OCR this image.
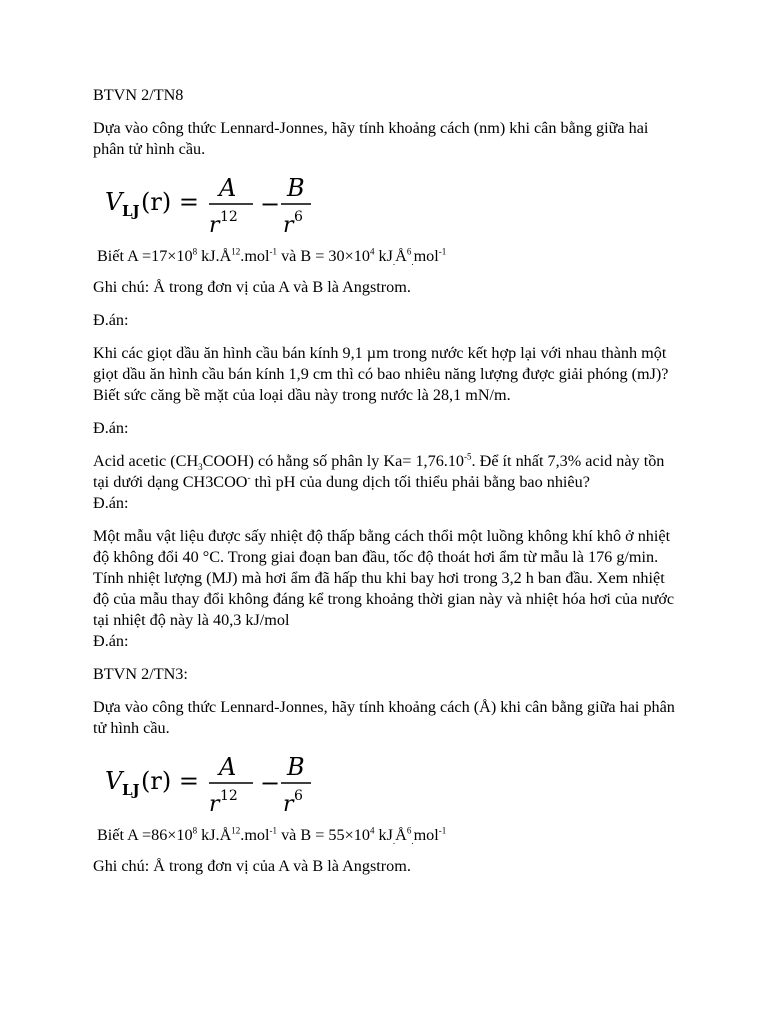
BTVN 2/TN8

Dựa vào công thức Lennard-Jonnes, hãy tính khoảng cách (nm) khi cân bằng giữa hai phân tử hình cầu.

V LJ (r) = A
r 12 −
B
r 6

Biết $A =17\times 10^8$ $kJ.Å^{12}.mol^{-1}$ và $B = 30\times 10^4$ $kJ_.Å^6_.mol^{-1}$

Ghi chú: Å trong đơn vị của A và B là Angstrom.

Đ.án:

Khi các giọt dầu ăn hình cầu bán kính 9,1 µm trong nước kết hợp lại với nhau thành một giọt dầu ăn hình cầu bán kính 1,9 cm thì có bao nhiêu năng lượng được giải phóng (mJ)? Biết sức căng bề mặt của loại dầu này trong nước là 28,1 mN/m.

Đ.án:

Acid acetic $(CH_3COOH)$ có hằng số phân ly $Ka= 1,76.10^{-5}$. Để ít nhất 7,3% acid này tồn tại dưới dạng CH3COO- thì pH của dung dịch tối thiểu phải bằng bao nhiêu?

Đ.án:

Một mẫu vật liệu được sấy nhiệt độ thấp bằng cách thổi một luồng không khí khô ở nhiệt độ không đổi 40 °C. Trong giai đoạn ban đầu, tốc độ thoát hơi ẩm từ mẫu là 176 g/min. Tính nhiệt lượng (MJ) mà hơi ẩm đã hấp thu khi bay hơi trong 3,2 h ban đầu. Xem nhiệt độ của mẫu thay đổi không đáng kể trong khoảng thời gian này và nhiệt hóa hơi của nước tại nhiệt độ này là 40,3 kJ/mol

Đ.án:

BTVN 2/TN3:

Dựa vào công thức Lennard-Jonnes, hãy tính khoảng cách (Å) khi cân bằng giữa hai phân tử hình cầu.

V LJ (r) = A
r 12 −
B
r 6

Biết $A =86\times 10^8$ $kJ.Å^{12}.mol^{-1}$ và $B = 55\times 10^4$ $kJ_.Å^6_.mol^{-1}$

Ghi chú: Å trong đơn vị của A và B là Angstrom.
